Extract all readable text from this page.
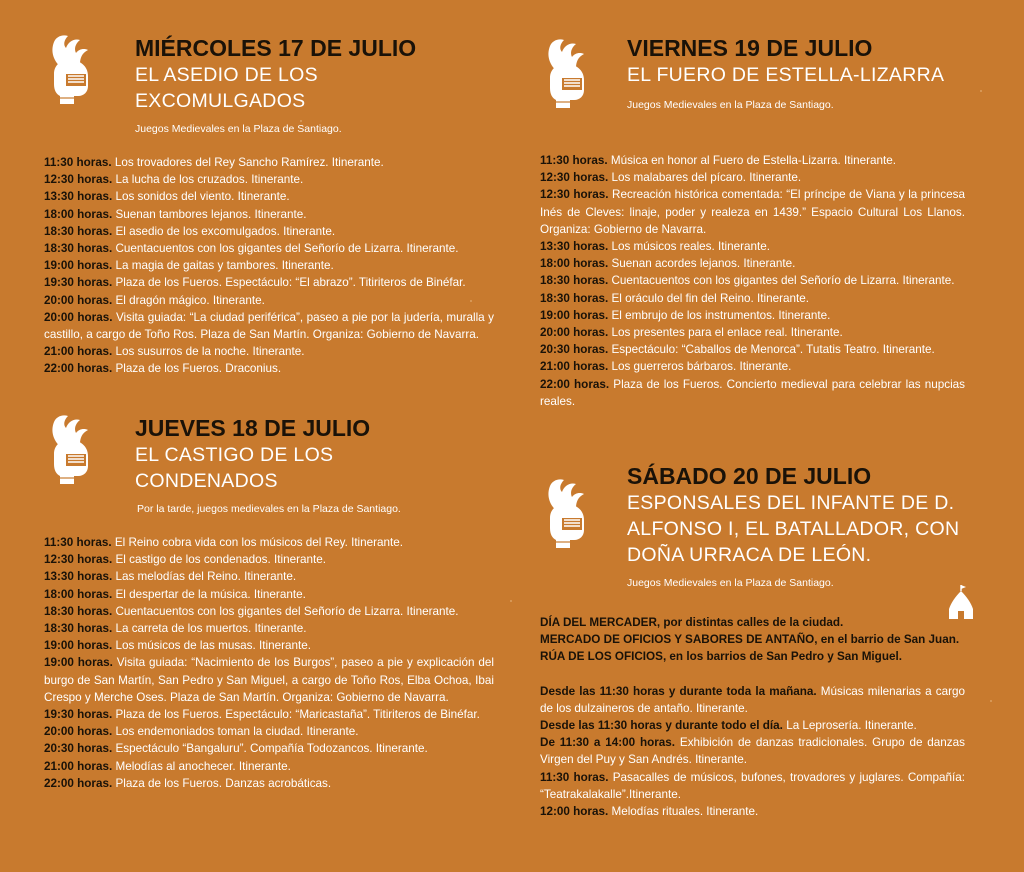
MIÉRCOLES 17 DE JULIO

EL ASEDIO DE LOS

EXCOMULGADOS

Juegos Medievales en la Plaza de Santiago.

11:30 horas. Los trovadores del Rey Sancho Ramírez. Itinerante.

12:30 horas. La lucha de los cruzados. Itinerante.

13:30 horas. Los sonidos del viento. Itinerante.

18:00 horas. Suenan tambores lejanos. Itinerante.

18:30 horas. El asedio de los excomulgados. Itinerante.

18:30 horas. Cuentacuentos con los gigantes del Señorío de Lizarra. Itinerante.

19:00 horas. La magia de gaitas y tambores. Itinerante.

19:30 horas. Plaza de los Fueros. Espectáculo: “El abrazo”. Titiriteros de Binéfar.

20:00 horas. El dragón mágico. Itinerante.

20:00 horas. Visita guiada: “La ciudad periférica”, paseo a pie por la judería, muralla y castillo, a cargo de Toño Ros. Plaza de San Martín. Organiza: Gobierno de Navarra.

21:00 horas. Los susurros de la noche. Itinerante.

22:00 horas. Plaza de los Fueros. Draconius.

JUEVES 18 DE JULIO

EL CASTIGO DE LOS

CONDENADOS

Por la tarde, juegos medievales en la Plaza de Santiago.

11:30 horas. El Reino cobra vida con los músicos del Rey. Itinerante.

12:30 horas. El castigo de los condenados. Itinerante.

13:30 horas. Las melodías del Reino. Itinerante.

18:00 horas. El despertar de la música. Itinerante.

18:30 horas. Cuentacuentos con los gigantes del Señorío de Lizarra. Itinerante.

18:30 horas. La carreta de los muertos. Itinerante.

19:00 horas. Los músicos de las musas. Itinerante.

19:00 horas. Visita guiada: “Nacimiento de los Burgos”, paseo a pie y explicación del burgo de San Martín, San Pedro y San Miguel, a cargo de Toño Ros, Elba Ochoa, Ibai Crespo y Merche Oses. Plaza de San Martín. Organiza: Gobierno de Navarra.

19:30 horas. Plaza de los Fueros. Espectáculo: “Maricastaña”. Titiriteros de Binéfar.

20:00 horas. Los endemoniados toman la ciudad. Itinerante.

20:30 horas. Espectáculo “Bangaluru”. Compañía Todozancos. Itinerante.

21:00 horas. Melodías al anochecer. Itinerante.

22:00 horas. Plaza de los Fueros. Danzas acrobáticas.

VIERNES 19 DE JULIO

EL FUERO DE ESTELLA-LIZARRA

Juegos Medievales en la Plaza de Santiago.

11:30 horas. Música en honor al Fuero de Estella-Lizarra. Itinerante.

12:30 horas. Los malabares del pícaro. Itinerante.

12:30 horas. Recreación histórica comentada: “El príncipe de Viana y la princesa Inés de Cleves: linaje, poder y realeza en 1439.” Espacio Cultural Los Llanos. Organiza: Gobierno de Navarra.

13:30 horas. Los músicos reales. Itinerante.

18:00 horas. Suenan acordes lejanos. Itinerante.

18:30 horas. Cuentacuentos con los gigantes del Señorío de Lizarra. Itinerante.

18:30 horas. El oráculo del fin del Reino. Itinerante.

19:00 horas. El embrujo de los instrumentos. Itinerante.

20:00 horas. Los presentes para el enlace real. Itinerante.

20:30 horas. Espectáculo: “Caballos de Menorca”. Tutatis Teatro. Itinerante.

21:00 horas. Los guerreros bárbaros. Itinerante.

22:00 horas. Plaza de los Fueros. Concierto medieval para celebrar las nupcias reales.

SÁBADO 20 DE JULIO

ESPONSALES DEL INFANTE DE D.

ALFONSO I, EL BATALLADOR, CON

DOÑA URRACA DE LEÓN.

Juegos Medievales en la Plaza de Santiago.

DÍA DEL MERCADER, por distintas calles de la ciudad.

MERCADO DE OFICIOS Y SABORES DE ANTAÑO, en el barrio de San Juan.

RÚA DE LOS OFICIOS, en los barrios de San Pedro y San Miguel.

Desde las 11:30 horas y durante toda la mañana. Músicas milenarias a cargo de los dulzaineros de antaño. Itinerante.

Desde las 11:30 horas y durante todo el día. La Leprosería. Itinerante.

De 11:30 a 14:00 horas. Exhibición de danzas tradicionales. Grupo de danzas Virgen del Puy y San Andrés. Itinerante.

11:30 horas. Pasacalles de músicos, bufones, trovadores y juglares. Compañía: “Teatrakalakalle”.Itinerante.

12:00 horas. Melodías rituales. Itinerante.
